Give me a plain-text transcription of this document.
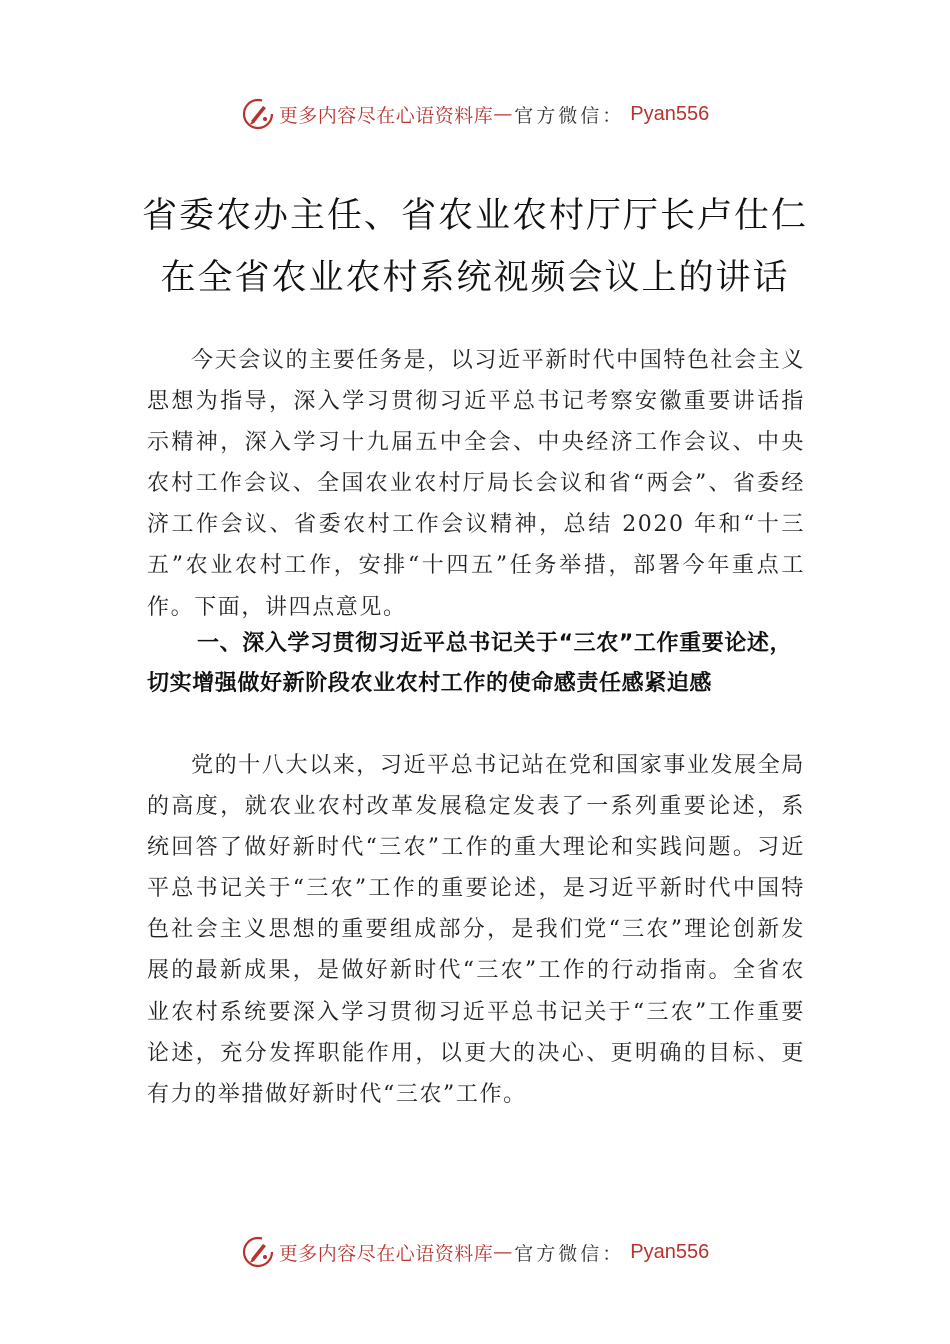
更多内容尽在心语资料库 — 官方微信： Pyan556
省委农办主任、省农业农村厅厅长卢仕仁
在全省农业农村系统视频会议上的讲话

今天会议的主要任务是，以习近平新时代中国特色社会主义思想为指导，深入学习贯彻习近平总书记考察安徽重要讲话指示精神，深入学习十九届五中全会、中央经济工作会议、中央农村工作会议、全国农业农村厅局长会议和省“两会”、省委经济工作会议、省委农村工作会议精神，总结 2020 年和“十三五”农业农村工作，安排“十四五”任务举措，部署今年重点工作。下面，讲四点意见。

一、深入学习贯彻习近平总书记关于“三农”工作重要论述，切实增强做好新阶段农业农村工作的使命感责任感紧迫感

党的十八大以来，习近平总书记站在党和国家事业发展全局的高度，就农业农村改革发展稳定发表了一系列重要论述，系统回答了做好新时代“三农”工作的重大理论和实践问题。习近平总书记关于“三农”工作的重要论述，是习近平新时代中国特色社会主义思想的重要组成部分，是我们党“三农”理论创新发展的最新成果，是做好新时代“三农”工作的行动指南。全省农业农村系统要深入学习贯彻习近平总书记关于“三农”工作重要论述，充分发挥职能作用，以更大的决心、更明确的目标、更有力的举措做好新时代“三农”工作。

更多内容尽在心语资料库 — 官方微信： Pyan556
